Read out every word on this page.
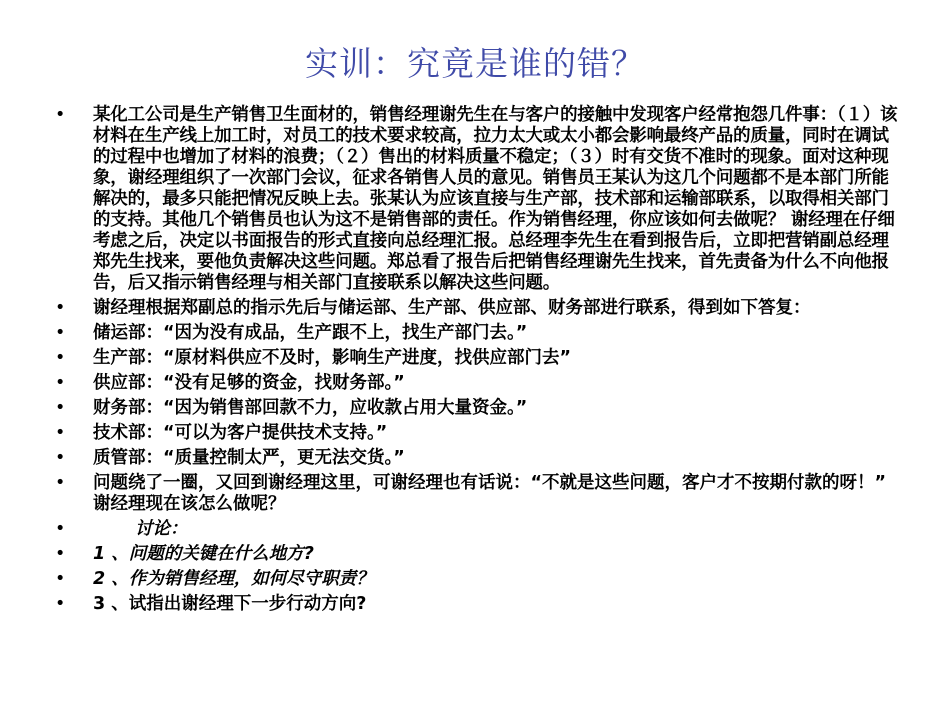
实训：究竟是谁的错？
• 某化工公司是生产销售卫生面材的，销售经理谢先生在与客户的接触中发现客户经常抱怨几件事：（１）该材料在生产线上加工时，对员工的技术要求较高，拉力太大或太小都会影响最终产品的质量，同时在调试的过程中也增加了材料的浪费；（２）售出的材料质量不稳定；（３）时有交货不准时的现象。面对这种现象，谢经理组织了一次部门会议，征求各销售人员的意见。销售员王某认为这几个问题都不是本部门所能解决的，最多只能把情况反映上去。张某认为应该直接与生产部，技术部和运输部联系，以取得相关部门的支持。其他几个销售员也认为这不是销售部的责任。作为销售经理，你应该如何去做呢？ 谢经理在仔细考虑之后，决定以书面报告的形式直接向总经理汇报。总经理李先生在看到报告后，立即把营销副总经理郑先生找来，要他负责解决这些问题。郑总看了报告后把销售经理谢先生找来，首先责备为什么不向他报告，后又指示销售经理与相关部门直接联系以解决这些问题。
• 谢经理根据郑副总的指示先后与储运部、生产部、供应部、财务部进行联系，得到如下答复：
• 储运部：“因为没有成品，生产跟不上，找生产部门去。”
• 生产部：“原材料供应不及时，影响生产进度，找供应部门去”
• 供应部：“没有足够的资金，找财务部。”
• 财务部：“因为销售部回款不力，应收款占用大量资金。”
• 技术部：“可以为客户提供技术支持。”
• 质管部：“质量控制太严，更无法交货。”
• 问题绕了一圈，又回到谢经理这里，可谢经理也有话说：“不就是这些问题，客户才不按期付款的呀！” 谢经理现在该怎么做呢？
•	讨论：
• 1 、问题的关键在什么地方?
• 2 、作为销售经理，如何尽守职责？
• 3 、试指出谢经理下一步行动方向?
